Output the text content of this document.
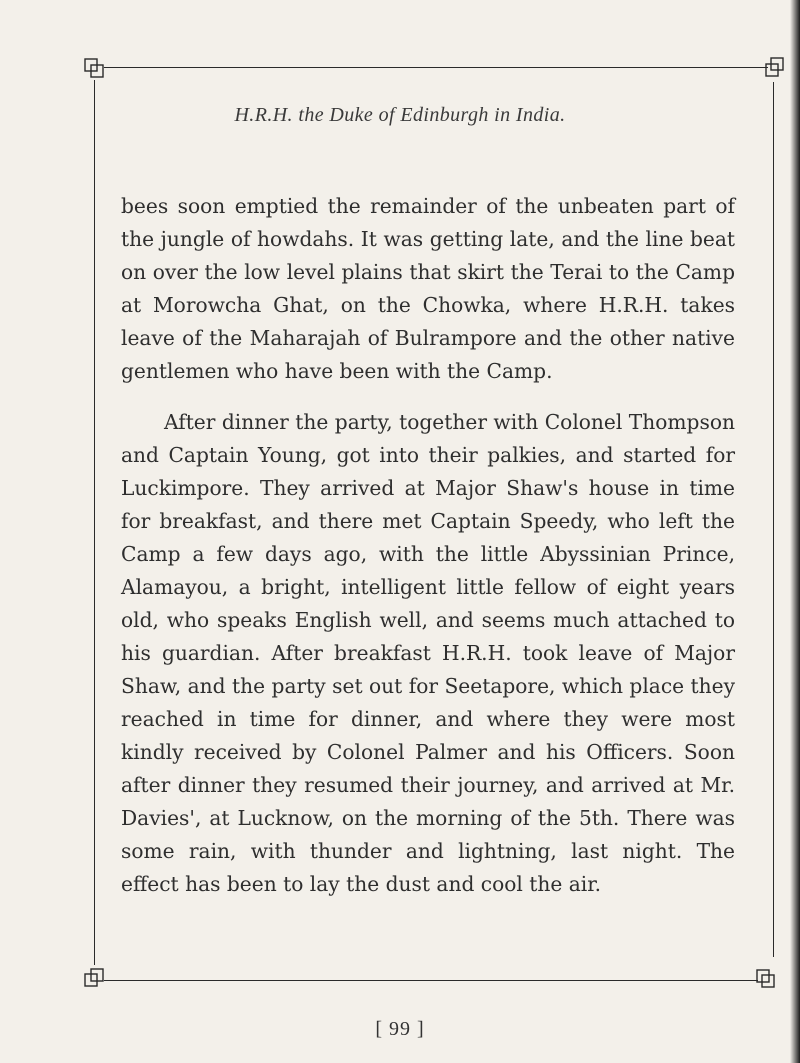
H.R.H. the Duke of Edinburgh in India.

bees soon emptied the remainder of the unbeaten part of the jungle of howdahs. It was getting late, and the line beat on over the low level plains that skirt the Terai to the Camp at Morowcha Ghat, on the Chowka, where H.R.H. takes leave of the Maharajah of Bulrampore and the other native gentlemen who have been with the Camp.

After dinner the party, together with Colonel Thompson and Captain Young, got into their palkies, and started for Luckimpore. They arrived at Major Shaw's house in time for breakfast, and there met Captain Speedy, who left the Camp a few days ago, with the little Abyssinian Prince, Alamayou, a bright, intelligent little fellow of eight years old, who speaks English well, and seems much attached to his guardian. After breakfast H.R.H. took leave of Major Shaw, and the party set out for Seetapore, which place they reached in time for dinner, and where they were most kindly received by Colonel Palmer and his Officers. Soon after dinner they resumed their journey, and arrived at Mr. Davies', at Lucknow, on the morning of the 5th. There was some rain, with thunder and lightning, last night. The effect has been to lay the dust and cool the air.

[ 99 ]
